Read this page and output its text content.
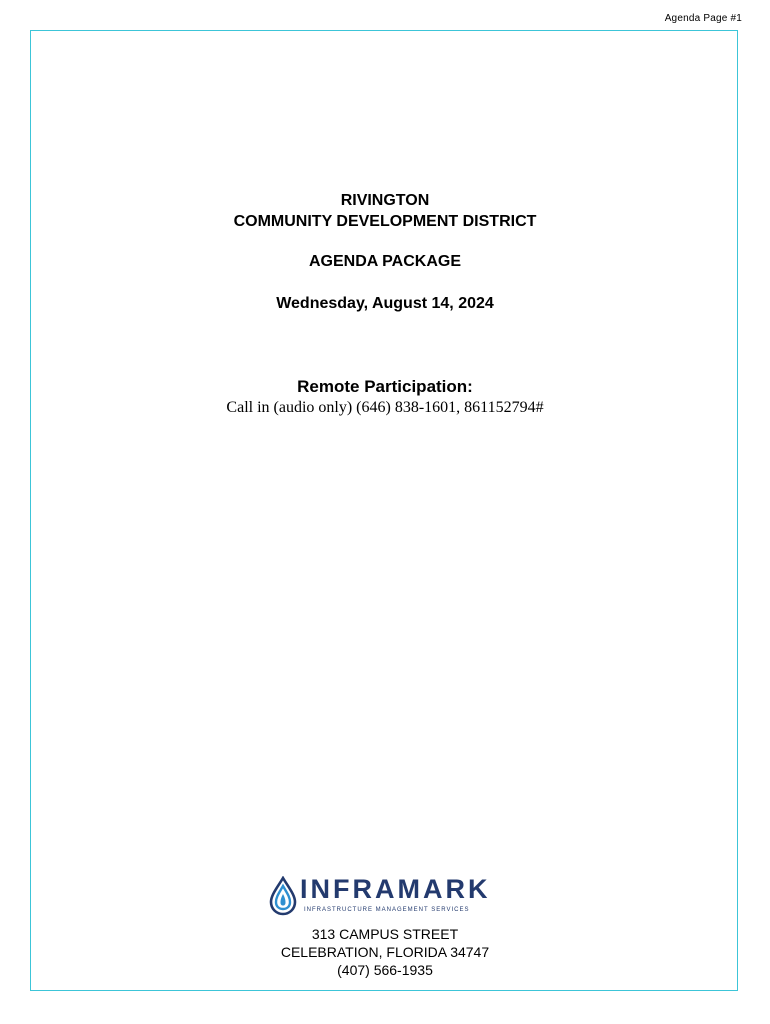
Agenda Page #1
RIVINGTON
COMMUNITY DEVELOPMENT DISTRICT
AGENDA PACKAGE
Wednesday, August 14, 2024
Remote Participation:
Call in (audio only) (646) 838-1601, 861152794#
INFRAMARK
INFRASTRUCTURE MANAGEMENT SERVICES
313 CAMPUS STREET
CELEBRATION, FLORIDA 34747
(407) 566-1935
